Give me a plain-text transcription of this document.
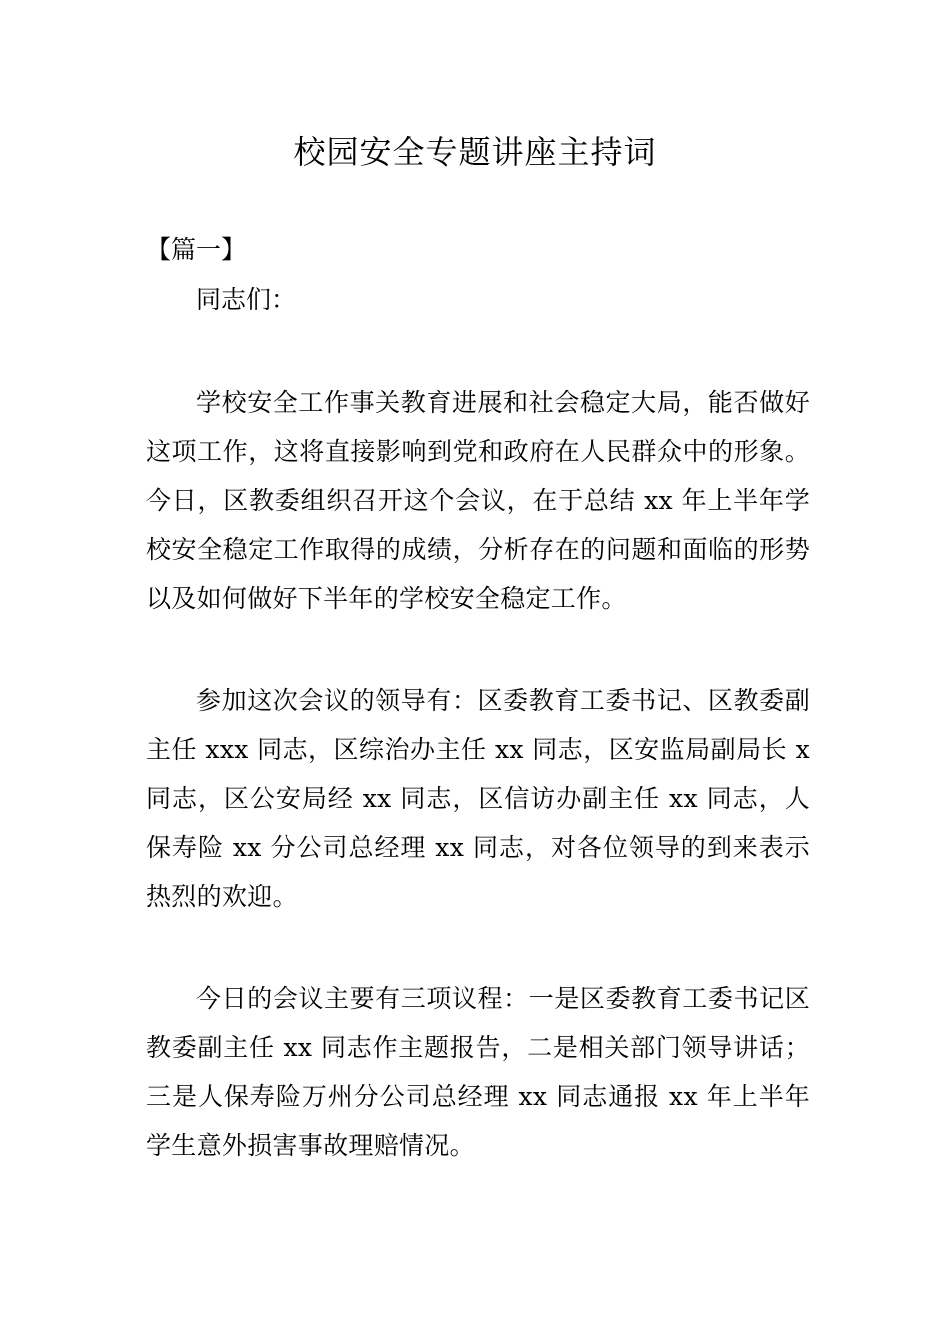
校园安全专题讲座主持词

【篇一】

同志们：

学校安全工作事关教育进展和社会稳定大局，能否做好这项工作，这将直接影响到党和政府在人民群众中的形象。今日，区教委组织召开这个会议，在于总结 xx 年上半年学校安全稳定工作取得的成绩，分析存在的问题和面临的形势以及如何做好下半年的学校安全稳定工作。

参加这次会议的领导有：区委教育工委书记、区教委副主任 xxx 同志，区综治办主任 xx 同志，区安监局副局长 x 同志，区公安局经 xx 同志，区信访办副主任 xx 同志，人保寿险 xx 分公司总经理 xx 同志，对各位领导的到来表示热烈的欢迎。

今日的会议主要有三项议程：一是区委教育工委书记区教委副主任 xx 同志作主题报告，二是相关部门领导讲话；三是人保寿险万州分公司总经理 xx 同志通报 xx 年上半年学生意外损害事故理赔情况。
